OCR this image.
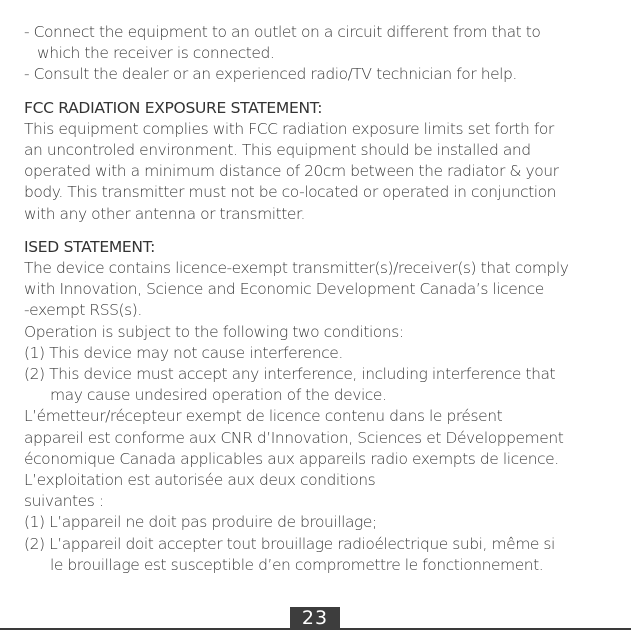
- Connect the equipment to an outlet on a circuit different from that to
which the receiver is connected.
- Consult the dealer or an experienced radio/TV technician for help.
FCC RADIATION EXPOSURE STATEMENT:
This equipment complies with FCC radiation exposure limits set forth for
an uncontroled environment. This equipment should be installed and
operated with a minimum distance of 20cm between the radiator & your
body. This transmitter must not be co-located or operated in conjunction
with any other antenna or transmitter.
ISED STATEMENT:
The device contains licence-exempt transmitter(s)/receiver(s) that comply
with Innovation, Science and Economic Development Canada’s licence
-exempt RSS(s).
Operation is subject to the following two conditions:
(1) This device may not cause interference.
(2) This device must accept any interference, including interference that
may cause undesired operation of the device.
L’émetteur/récepteur exempt de licence contenu dans le présent
appareil est conforme aux CNR d’Innovation, Sciences et Développement
économique Canada applicables aux appareils radio exempts de licence.
L’exploitation est autorisée aux deux conditions
suivantes :
(1) L’appareil ne doit pas produire de brouillage;
(2) L’appareil doit accepter tout brouillage radioélectrique subi, même si
le brouillage est susceptible d’en compromettre le fonctionnement.
23
